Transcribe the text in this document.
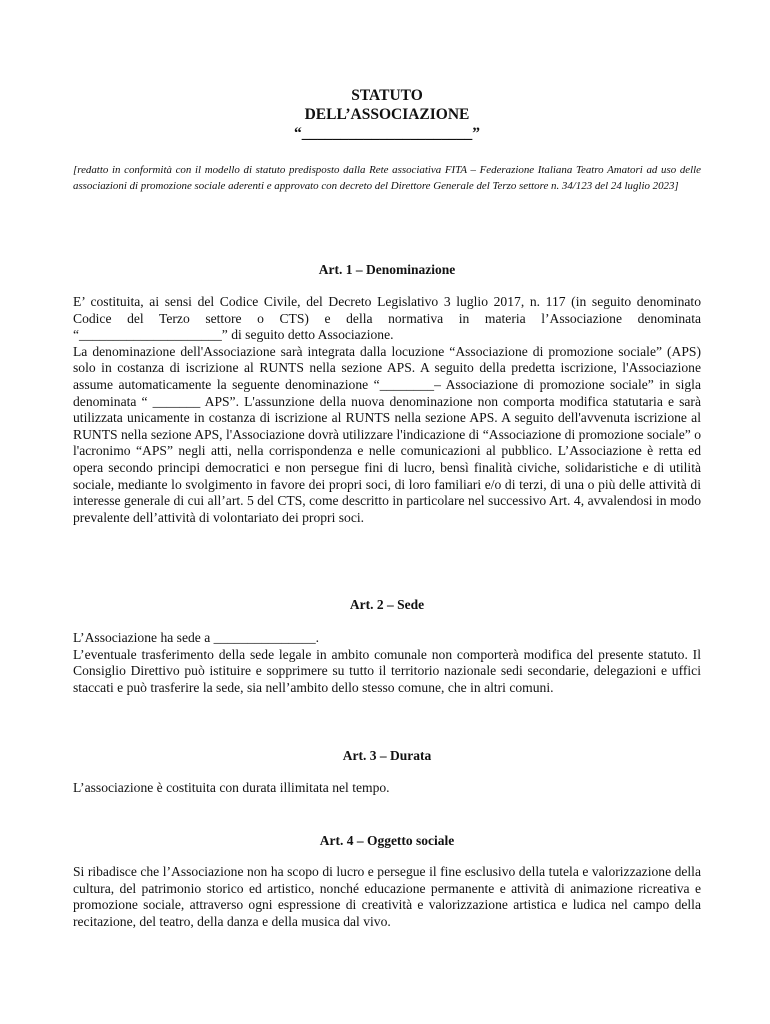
STATUTO
DELL’ASSOCIAZIONE
“______________________”
[redatto in conformità con il modello di statuto predisposto dalla Rete associativa FITA – Federazione Italiana Teatro Amatori ad uso delle associazioni di promozione sociale aderenti e approvato con decreto del Direttore Generale del Terzo settore n. 34/123 del 24 luglio 2023]
Art. 1 – Denominazione

E’ costituita, ai sensi del Codice Civile, del Decreto Legislativo 3 luglio 2017, n. 117 (in seguito denominato Codice del Terzo settore o CTS) e della normativa in materia l’Associazione denominata “_____________________” di seguito detto Associazione.

La denominazione dell'Associazione sarà integrata dalla locuzione “Associazione di promozione sociale” (APS) solo in costanza di iscrizione al RUNTS nella sezione APS. A seguito della predetta iscrizione, l'Associazione assume automaticamente la seguente denominazione “________– Associazione di promozione sociale” in sigla denominata “ _______ APS”. L'assunzione della nuova denominazione non comporta modifica statutaria e sarà utilizzata unicamente in costanza di iscrizione al RUNTS nella sezione APS. A seguito dell'avvenuta iscrizione al RUNTS nella sezione APS, l'Associazione dovrà utilizzare l'indicazione di “Associazione di promozione sociale” o l'acronimo “APS” negli atti, nella corrispondenza e nelle comunicazioni al pubblico. L’Associazione è retta ed opera secondo principi democratici e non persegue fini di lucro, bensì finalità civiche, solidaristiche e di utilità sociale, mediante lo svolgimento in favore dei propri soci, di loro familiari e/o di terzi, di una o più delle attività di interesse generale di cui all’art. 5 del CTS, come descritto in particolare nel successivo Art. 4, avvalendosi in modo prevalente dell’attività di volontariato dei propri soci.

Art. 2 – Sede

L’Associazione ha sede a _______________.

L’eventuale trasferimento della sede legale in ambito comunale non comporterà modifica del presente statuto. Il Consiglio Direttivo può istituire e sopprimere su tutto il territorio nazionale sedi secondarie, delegazioni e uffici staccati e può trasferire la sede, sia nell’ambito dello stesso comune, che in altri comuni.

Art. 3 – Durata

L’associazione è costituita con durata illimitata nel tempo.

Art. 4 – Oggetto sociale

Si ribadisce che l’Associazione non ha scopo di lucro e persegue il fine esclusivo della tutela e valorizzazione della cultura, del patrimonio storico ed artistico, nonché educazione permanente e attività di animazione ricreativa e promozione sociale, attraverso ogni espressione di creatività e valorizzazione artistica e ludica nel campo della recitazione, del teatro, della danza e della musica dal vivo.
